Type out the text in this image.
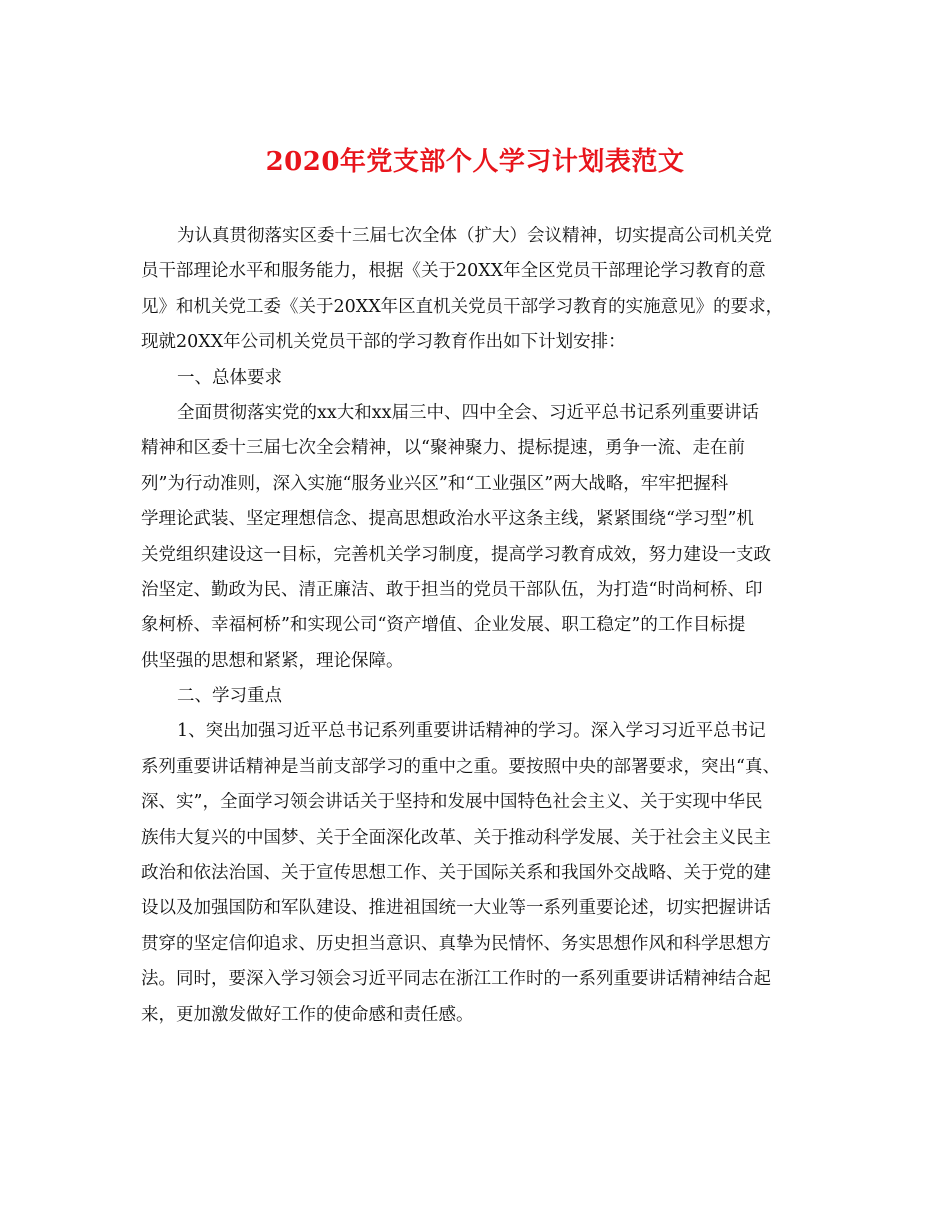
2020年党支部个人学习计划表范文
为认真贯彻落实区委十三届七次全体（扩大）会议精神，切实提高公司机关党
员干部理论水平和服务能力，根据《关于20XX年全区党员干部理论学习教育的意
见》和机关党工委《关于20XX年区直机关党员干部学习教育的实施意见》的要求，
现就20XX年公司机关党员干部的学习教育作出如下计划安排：
一、总体要求
全面贯彻落实党的xx大和xx届三中、四中全会、习近平总书记系列重要讲话
精神和区委十三届七次全会精神，以“聚神聚力、提标提速，勇争一流、走在前
列”为行动准则，深入实施“服务业兴区”和“工业强区”两大战略，牢牢把握科
学理论武装、坚定理想信念、提高思想政治水平这条主线，紧紧围绕“学习型”机
关党组织建设这一目标，完善机关学习制度，提高学习教育成效，努力建设一支政
治坚定、勤政为民、清正廉洁、敢于担当的党员干部队伍，为打造“时尚柯桥、印
象柯桥、幸福柯桥”和实现公司“资产增值、企业发展、职工稳定”的工作目标提
供坚强的思想和紧紧，理论保障。
二、学习重点
1、突出加强习近平总书记系列重要讲话精神的学习。深入学习习近平总书记
系列重要讲话精神是当前支部学习的重中之重。要按照中央的部署要求，突出“真、
深、实”，全面学习领会讲话关于坚持和发展中国特色社会主义、关于实现中华民
族伟大复兴的中国梦、关于全面深化改革、关于推动科学发展、关于社会主义民主
政治和依法治国、关于宣传思想工作、关于国际关系和我国外交战略、关于党的建
设以及加强国防和军队建设、推进祖国统一大业等一系列重要论述，切实把握讲话
贯穿的坚定信仰追求、历史担当意识、真挚为民情怀、务实思想作风和科学思想方
法。同时，要深入学习领会习近平同志在浙江工作时的一系列重要讲话精神结合起
来，更加激发做好工作的使命感和责任感。
